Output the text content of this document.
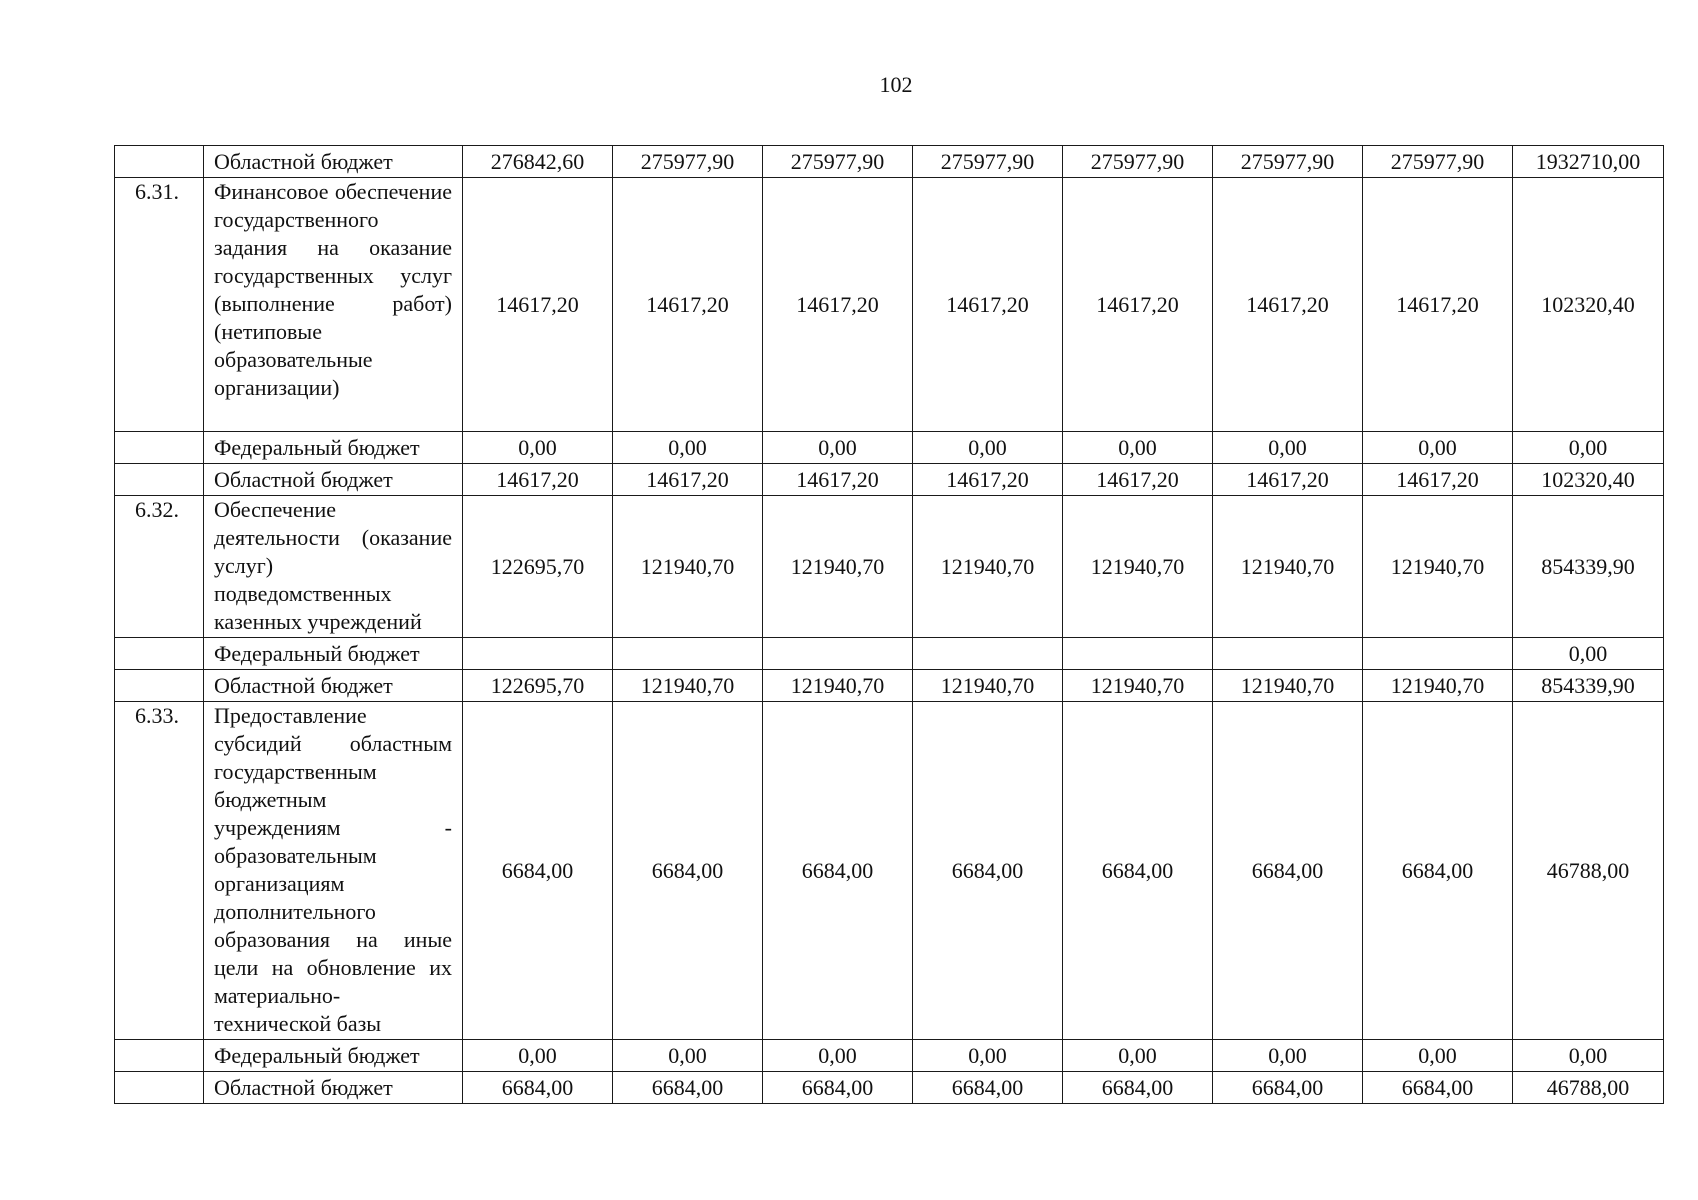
102
	Областной бюджет	276842,60	275977,90	275977,90	275977,90	275977,90	275977,90	275977,90	1932710,00
6.31.	Финансовое обеспечение государственного задания на оказание государственных услуг (выполнение работ) (нетиповые образовательные организации)	14617,20	14617,20	14617,20	14617,20	14617,20	14617,20	14617,20	102320,40
	Федеральный бюджет	0,00	0,00	0,00	0,00	0,00	0,00	0,00	0,00
	Областной бюджет	14617,20	14617,20	14617,20	14617,20	14617,20	14617,20	14617,20	102320,40
6.32.	Обеспечение деятельности (оказание услуг) подведомственных казенных учреждений	122695,70	121940,70	121940,70	121940,70	121940,70	121940,70	121940,70	854339,90
	Федеральный бюджет								0,00
	Областной бюджет	122695,70	121940,70	121940,70	121940,70	121940,70	121940,70	121940,70	854339,90
6.33.	Предоставление субсидий областным государственным бюджетным учреждениям - образовательным организациям дополнительного образования на иные цели на обновление их материально-технической базы	6684,00	6684,00	6684,00	6684,00	6684,00	6684,00	6684,00	46788,00
	Федеральный бюджет	0,00	0,00	0,00	0,00	0,00	0,00	0,00	0,00
	Областной бюджет	6684,00	6684,00	6684,00	6684,00	6684,00	6684,00	6684,00	46788,00
